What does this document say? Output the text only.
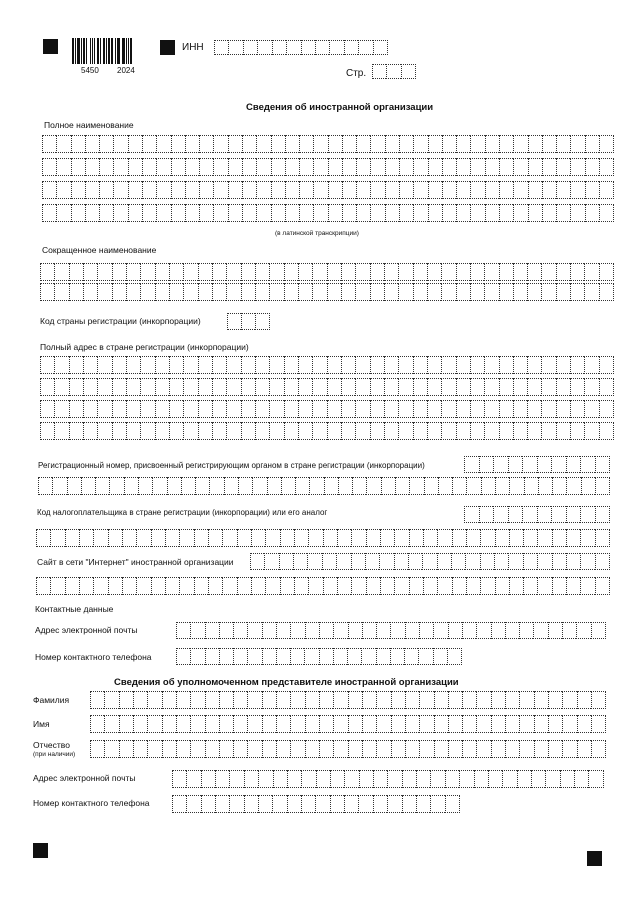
5450 2024
ИНН
Стр.
Сведения об иностранной организации
Полное наименование
(в латинской транскрипции)
Сокращенное наименование
Код страны регистрации (инкорпорации)
Полный адрес в стране регистрации (инкорпорации)
Регистрационный номер, присвоенный регистрирующим органом в стране регистрации (инкорпорации)
Код налогоплательщика в стране регистрации (инкорпорации) или его аналог
Сайт в сети "Интернет" иностранной организации
Контактные данные
Адрес электронной почты
Номер контактного телефона
Сведения об уполномоченном представителе иностранной организации
Фамилия
Имя
Отчество
(при наличии)
Адрес электронной почты
Номер контактного телефона
